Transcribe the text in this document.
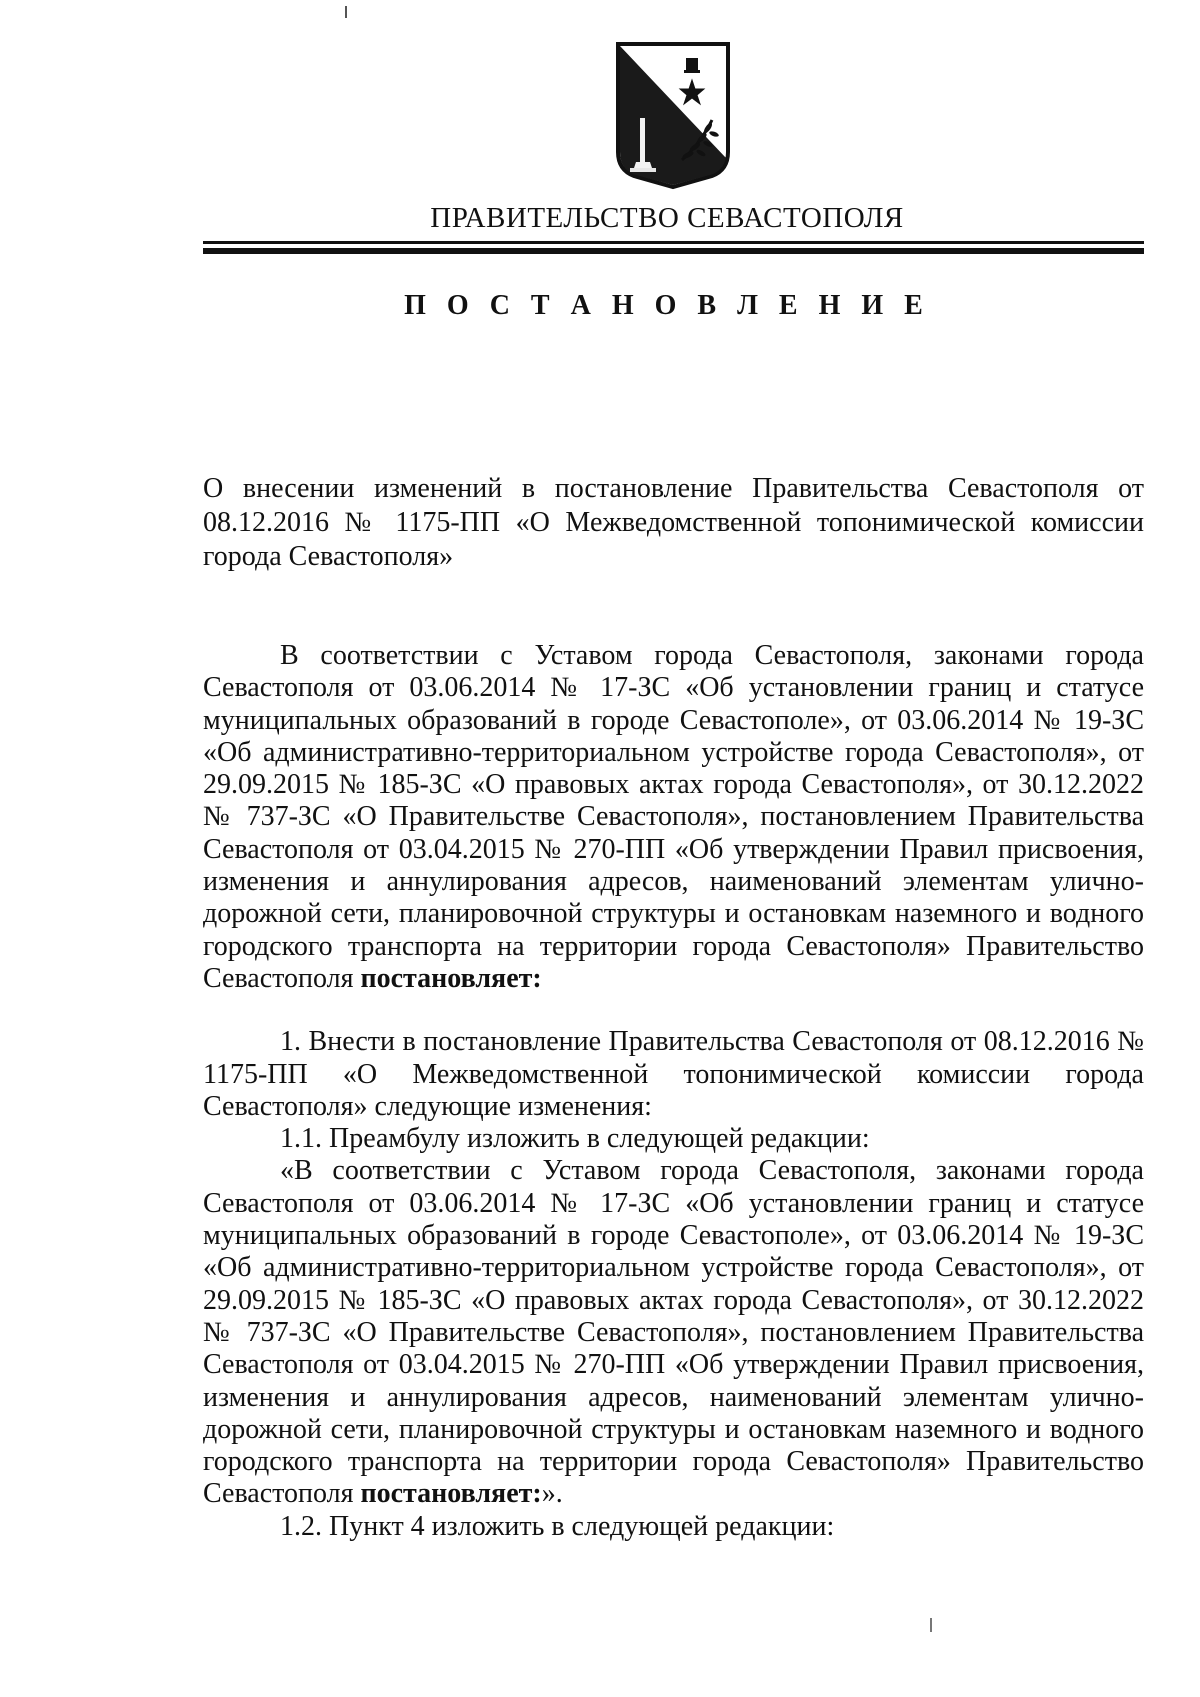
ПРАВИТЕЛЬСТВО СЕВАСТОПОЛЯ
П О С Т А Н О В Л Е Н И Е

О внесении изменений в постановление Правительства Севастополя от 08.12.2016 № 1175-ПП «О Межведомственной топонимической комиссии города Севастополя»

В соответствии с Уставом города Севастополя, законами города Севастополя от 03.06.2014 № 17-ЗС «Об установлении границ и статусе муниципальных образований в городе Севастополе», от 03.06.2014 № 19-ЗС «Об административно-территориальном устройстве города Севастополя», от 29.09.2015 № 185-ЗС «О правовых актах города Севастополя», от 30.12.2022 № 737-ЗС «О Правительстве Севастополя», постановлением Правительства Севастополя от 03.04.2015 № 270-ПП «Об утверждении Правил присвоения, изменения и аннулирования адресов, наименований элементам улично-дорожной сети, планировочной структуры и остановкам наземного и водного городского транспорта на территории города Севастополя» Правительство Севастополя постановляет:

1. Внести в постановление Правительства Севастополя от 08.12.2016 № 1175-ПП «О Межведомственной топонимической комиссии города Севастополя» следующие изменения:

1.1. Преамбулу изложить в следующей редакции:

«В соответствии с Уставом города Севастополя, законами города Севастополя от 03.06.2014 № 17-ЗС «Об установлении границ и статусе муниципальных образований в городе Севастополе», от 03.06.2014 № 19-ЗС «Об административно-территориальном устройстве города Севастополя», от 29.09.2015 № 185-ЗС «О правовых актах города Севастополя», от 30.12.2022 № 737-ЗС «О Правительстве Севастополя», постановлением Правительства Севастополя от 03.04.2015 № 270-ПП «Об утверждении Правил присвоения, изменения и аннулирования адресов, наименований элементам улично-дорожной сети, планировочной структуры и остановкам наземного и водного городского транспорта на территории города Севастополя» Правительство Севастополя постановляет:».

1.2. Пункт 4 изложить в следующей редакции:
